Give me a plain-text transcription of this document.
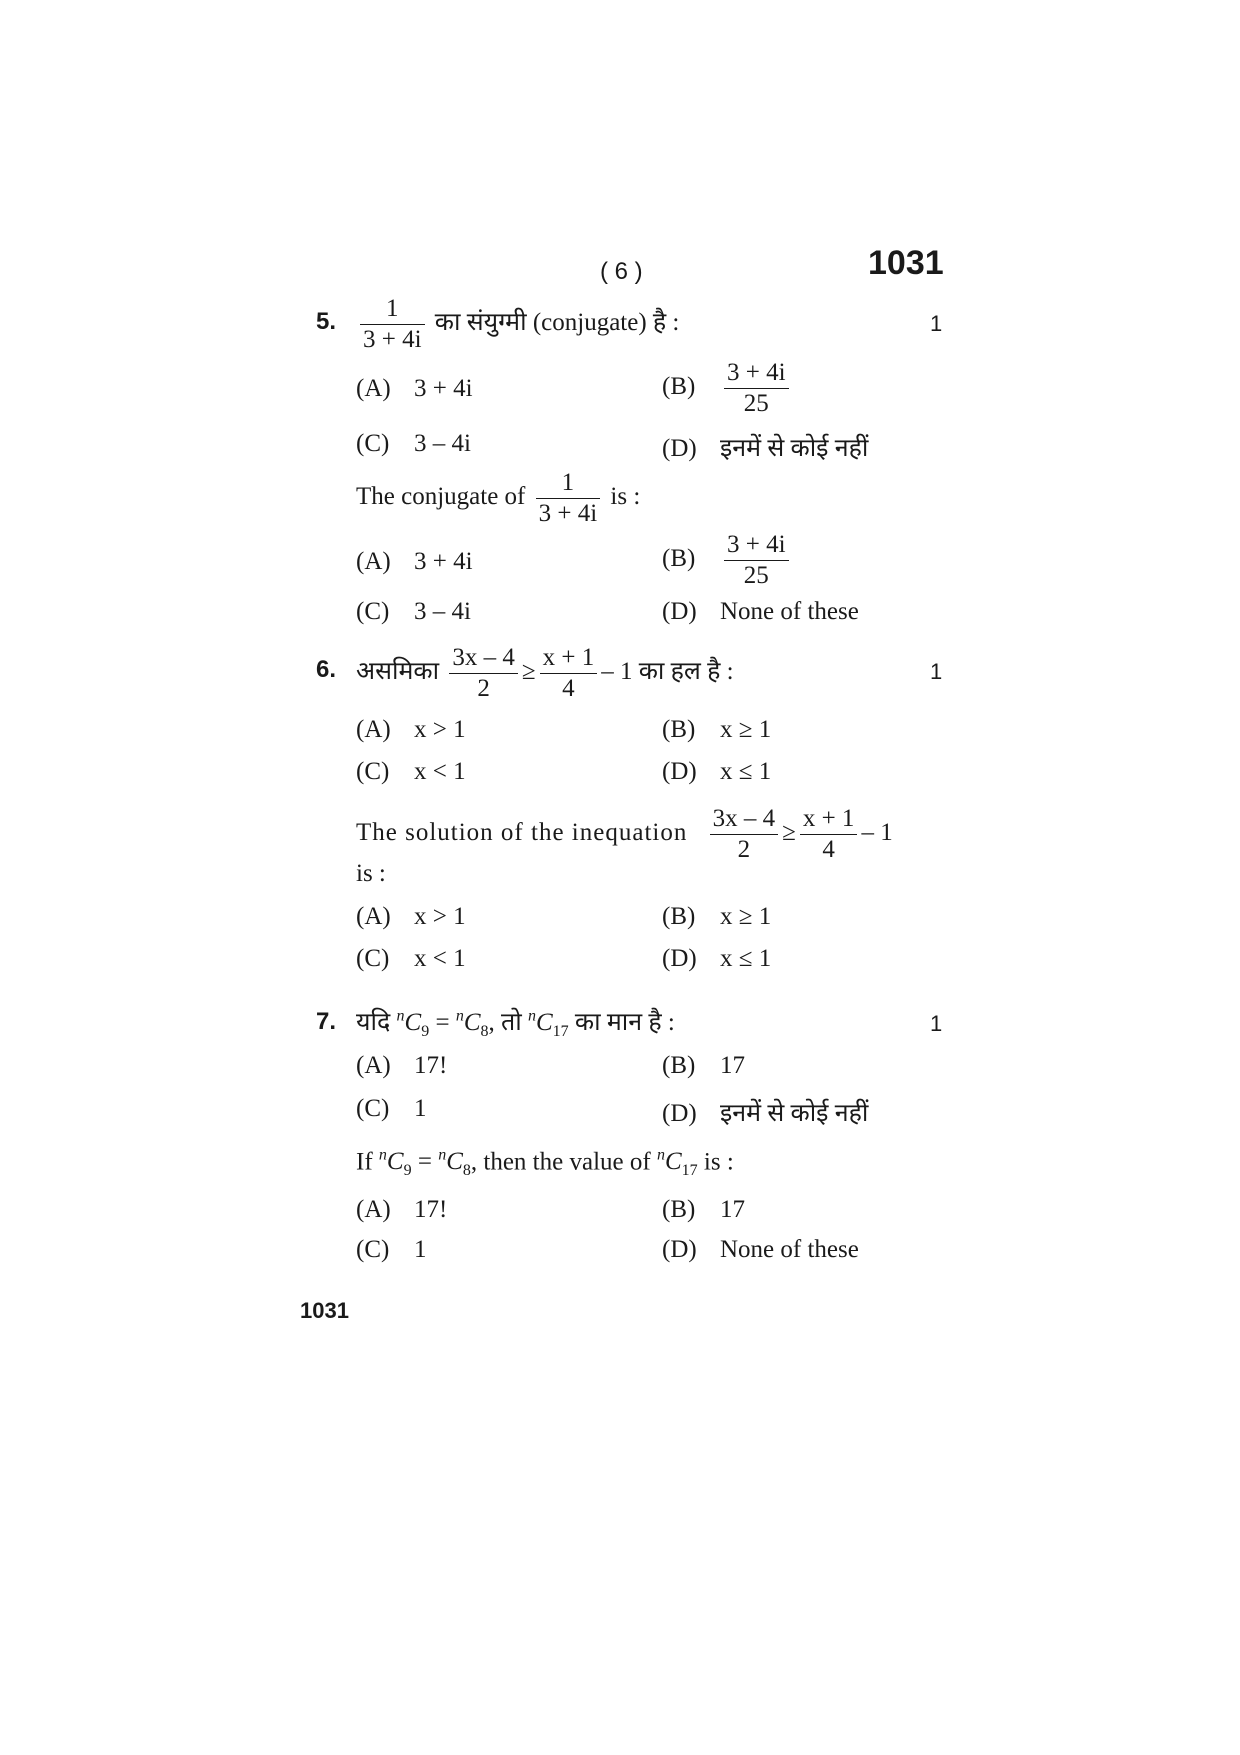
( 6 )	1031
5.	1
$\frac{1}{3 + 4i}$ का संयुग्मी (conjugate) है :
(A) 3 + 4i	$(B) \frac{3 + 4i}{25}$
(C) 3 – 4i	(D) इनमें से कोई नहीं
The conjugate of $\frac{1}{3 + 4i}$ is :
(A) 3 + 4i	$(B) \frac{3 + 4i}{25}$
(C) 3 – 4i	(D) None of these
6.	1
असमिका $\frac{3x - 4}{2} \ge \frac{x + 1}{4} - 1$ का हल है :
(A) x > 1	(B) x ≥ 1
(C) x < 1	(D) x ≤ 1
The solution of the inequation $\frac{3x - 4}{2} \ge \frac{x + 1}{4} - 1$
is :
(A) x > 1	(B) x ≥ 1
(C) x < 1	(D) x ≤ 1
7.	1
यदि $^nC_9 = ^nC_8$, तो $^nC_{17}$ का मान है :
(A) 17!	(B) 17
(C) 1	(D) इनमें से कोई नहीं
If $^nC_9 = ^nC_8$, then the value of $^nC_{17}$ is :
(A) 17!	(B) 17
(C) 1	(D) None of these
1031
